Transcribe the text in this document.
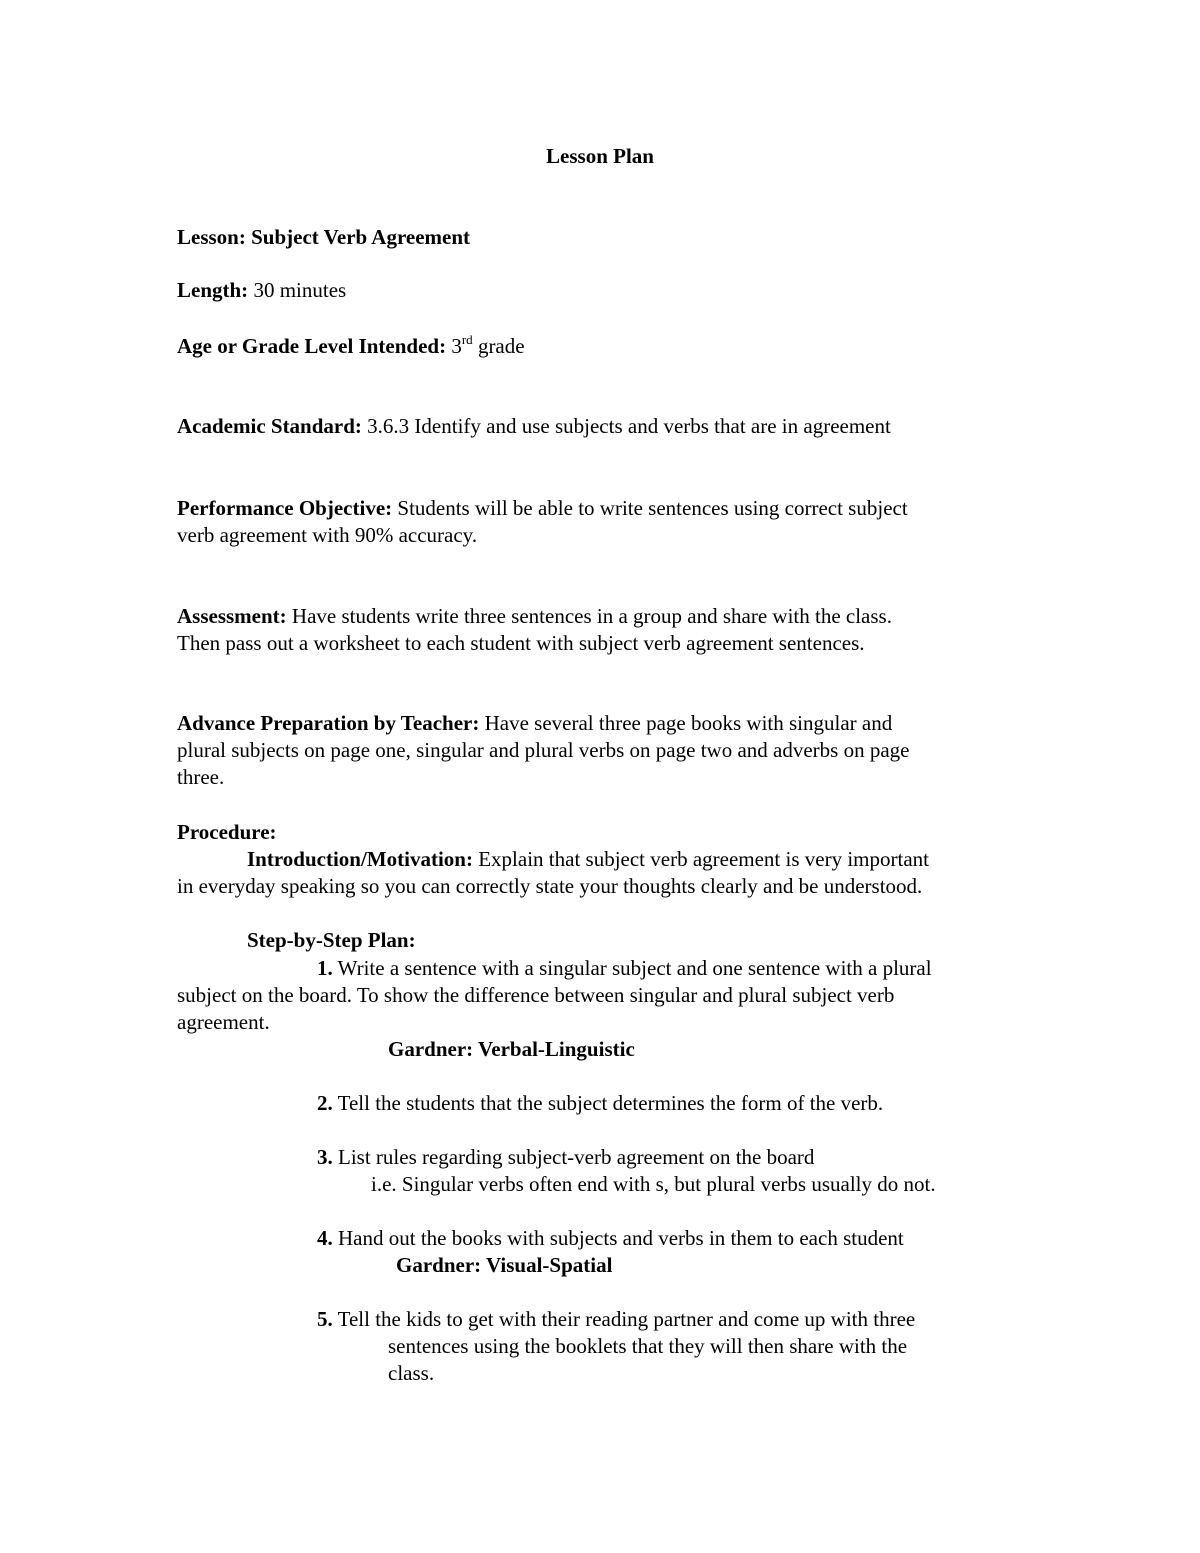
Lesson Plan
Lesson: Subject Verb Agreement
Length: 30 minutes
Age or Grade Level Intended: 3rd grade
Academic Standard: 3.6.3 Identify and use subjects and verbs that are in agreement
Performance Objective: Students will be able to write sentences using correct subject
verb agreement with 90% accuracy.
Assessment: Have students write three sentences in a group and share with the class.
Then pass out a worksheet to each student with subject verb agreement sentences.
Advance Preparation by Teacher: Have several three page books with singular and
plural subjects on page one, singular and plural verbs on page two and adverbs on page
three.
Procedure:
Introduction/Motivation: Explain that subject verb agreement is very important
in everyday speaking so you can correctly state your thoughts clearly and be understood.
Step-by-Step Plan:
1. Write a sentence with a singular subject and one sentence with a plural
subject on the board. To show the difference between singular and plural subject verb
agreement.
Gardner: Verbal-Linguistic
2. Tell the students that the subject determines the form of the verb.
3. List rules regarding subject-verb agreement on the board
i.e. Singular verbs often end with s, but plural verbs usually do not.
4. Hand out the books with subjects and verbs in them to each student
Gardner: Visual-Spatial
5. Tell the kids to get with their reading partner and come up with three
sentences using the booklets that they will then share with the
class.
